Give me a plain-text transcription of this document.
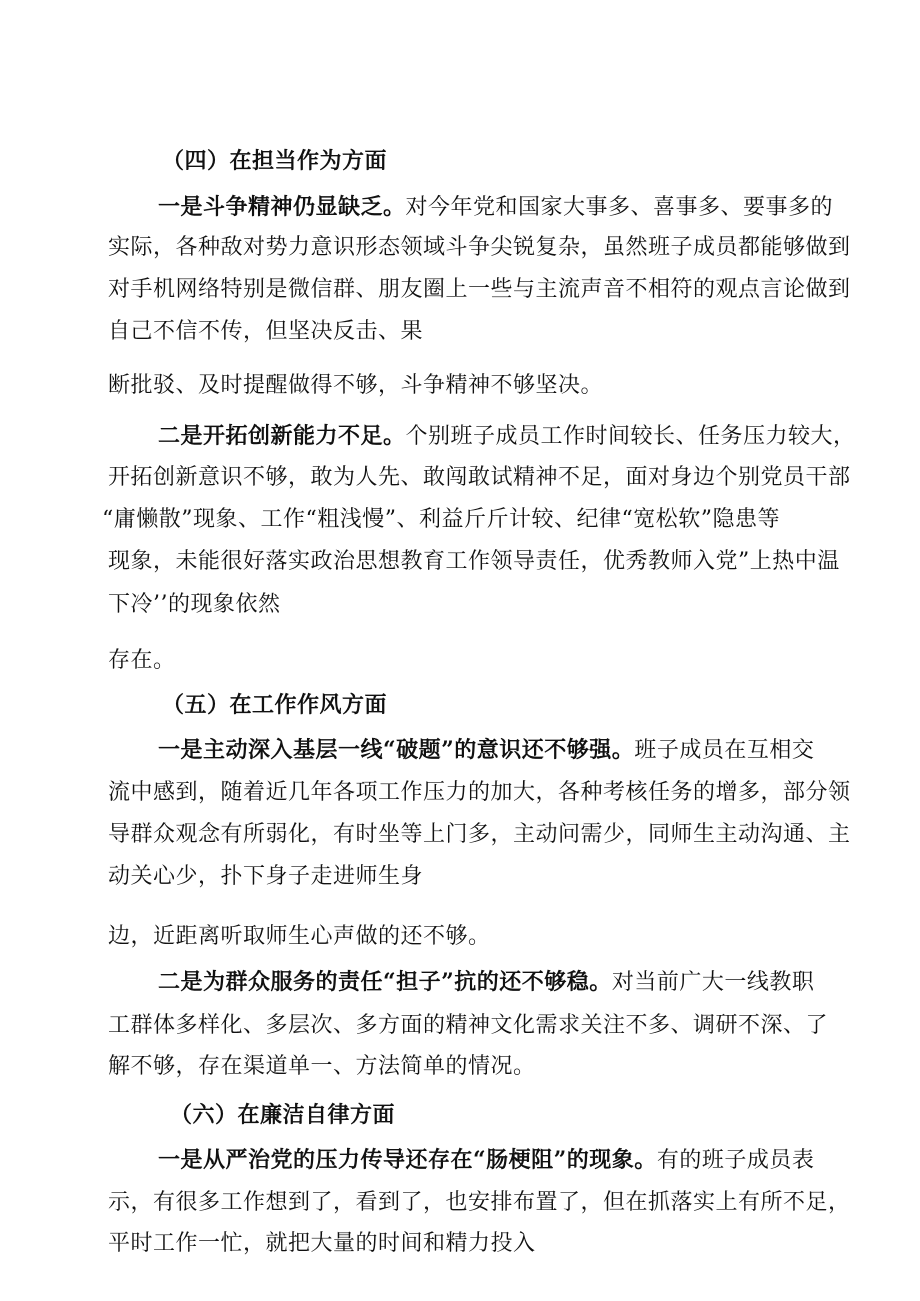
（四）在担当作为方面
一是斗争精神仍显缺乏。对今年党和国家大事多、喜事多、要事多的
实际，各种敌对势力意识形态领域斗争尖锐复杂，虽然班子成员都能够做到
对手机网络特别是微信群、朋友圈上一些与主流声音不相符的观点言论做到
自己不信不传，但坚决反击、果
断批驳、及时提醒做得不够，斗争精神不够坚决。
二是开拓创新能力不足。个别班子成员工作时间较长、任务压力较大，
开拓创新意识不够，敢为人先、敢闯敢试精神不足，面对身边个别党员干部
“庸懒散”现象、工作“粗浅慢”、利益斤斤计较、纪律“宽松软”隐患等
现象，未能很好落实政治思想教育工作领导责任，优秀教师入党”上热中温
下冷’’的现象依然
存在。
（五）在工作作风方面
一是主动深入基层一线“破题”的意识还不够强。班子成员在互相交
流中感到，随着近几年各项工作压力的加大，各种考核任务的增多，部分领
导群众观念有所弱化，有时坐等上门多，主动问需少，同师生主动沟通、主
动关心少，扑下身子走进师生身
边，近距离听取师生心声做的还不够。
二是为群众服务的责任“担子”抗的还不够稳。对当前广大一线教职
工群体多样化、多层次、多方面的精神文化需求关注不多、调研不深、了
解不够，存在渠道单一、方法简单的情况。
（六）在廉洁自律方面
一是从严治党的压力传导还存在“肠梗阻”的现象。有的班子成员表
示，有很多工作想到了，看到了，也安排布置了，但在抓落实上有所不足，
平时工作一忙，就把大量的时间和精力投入
